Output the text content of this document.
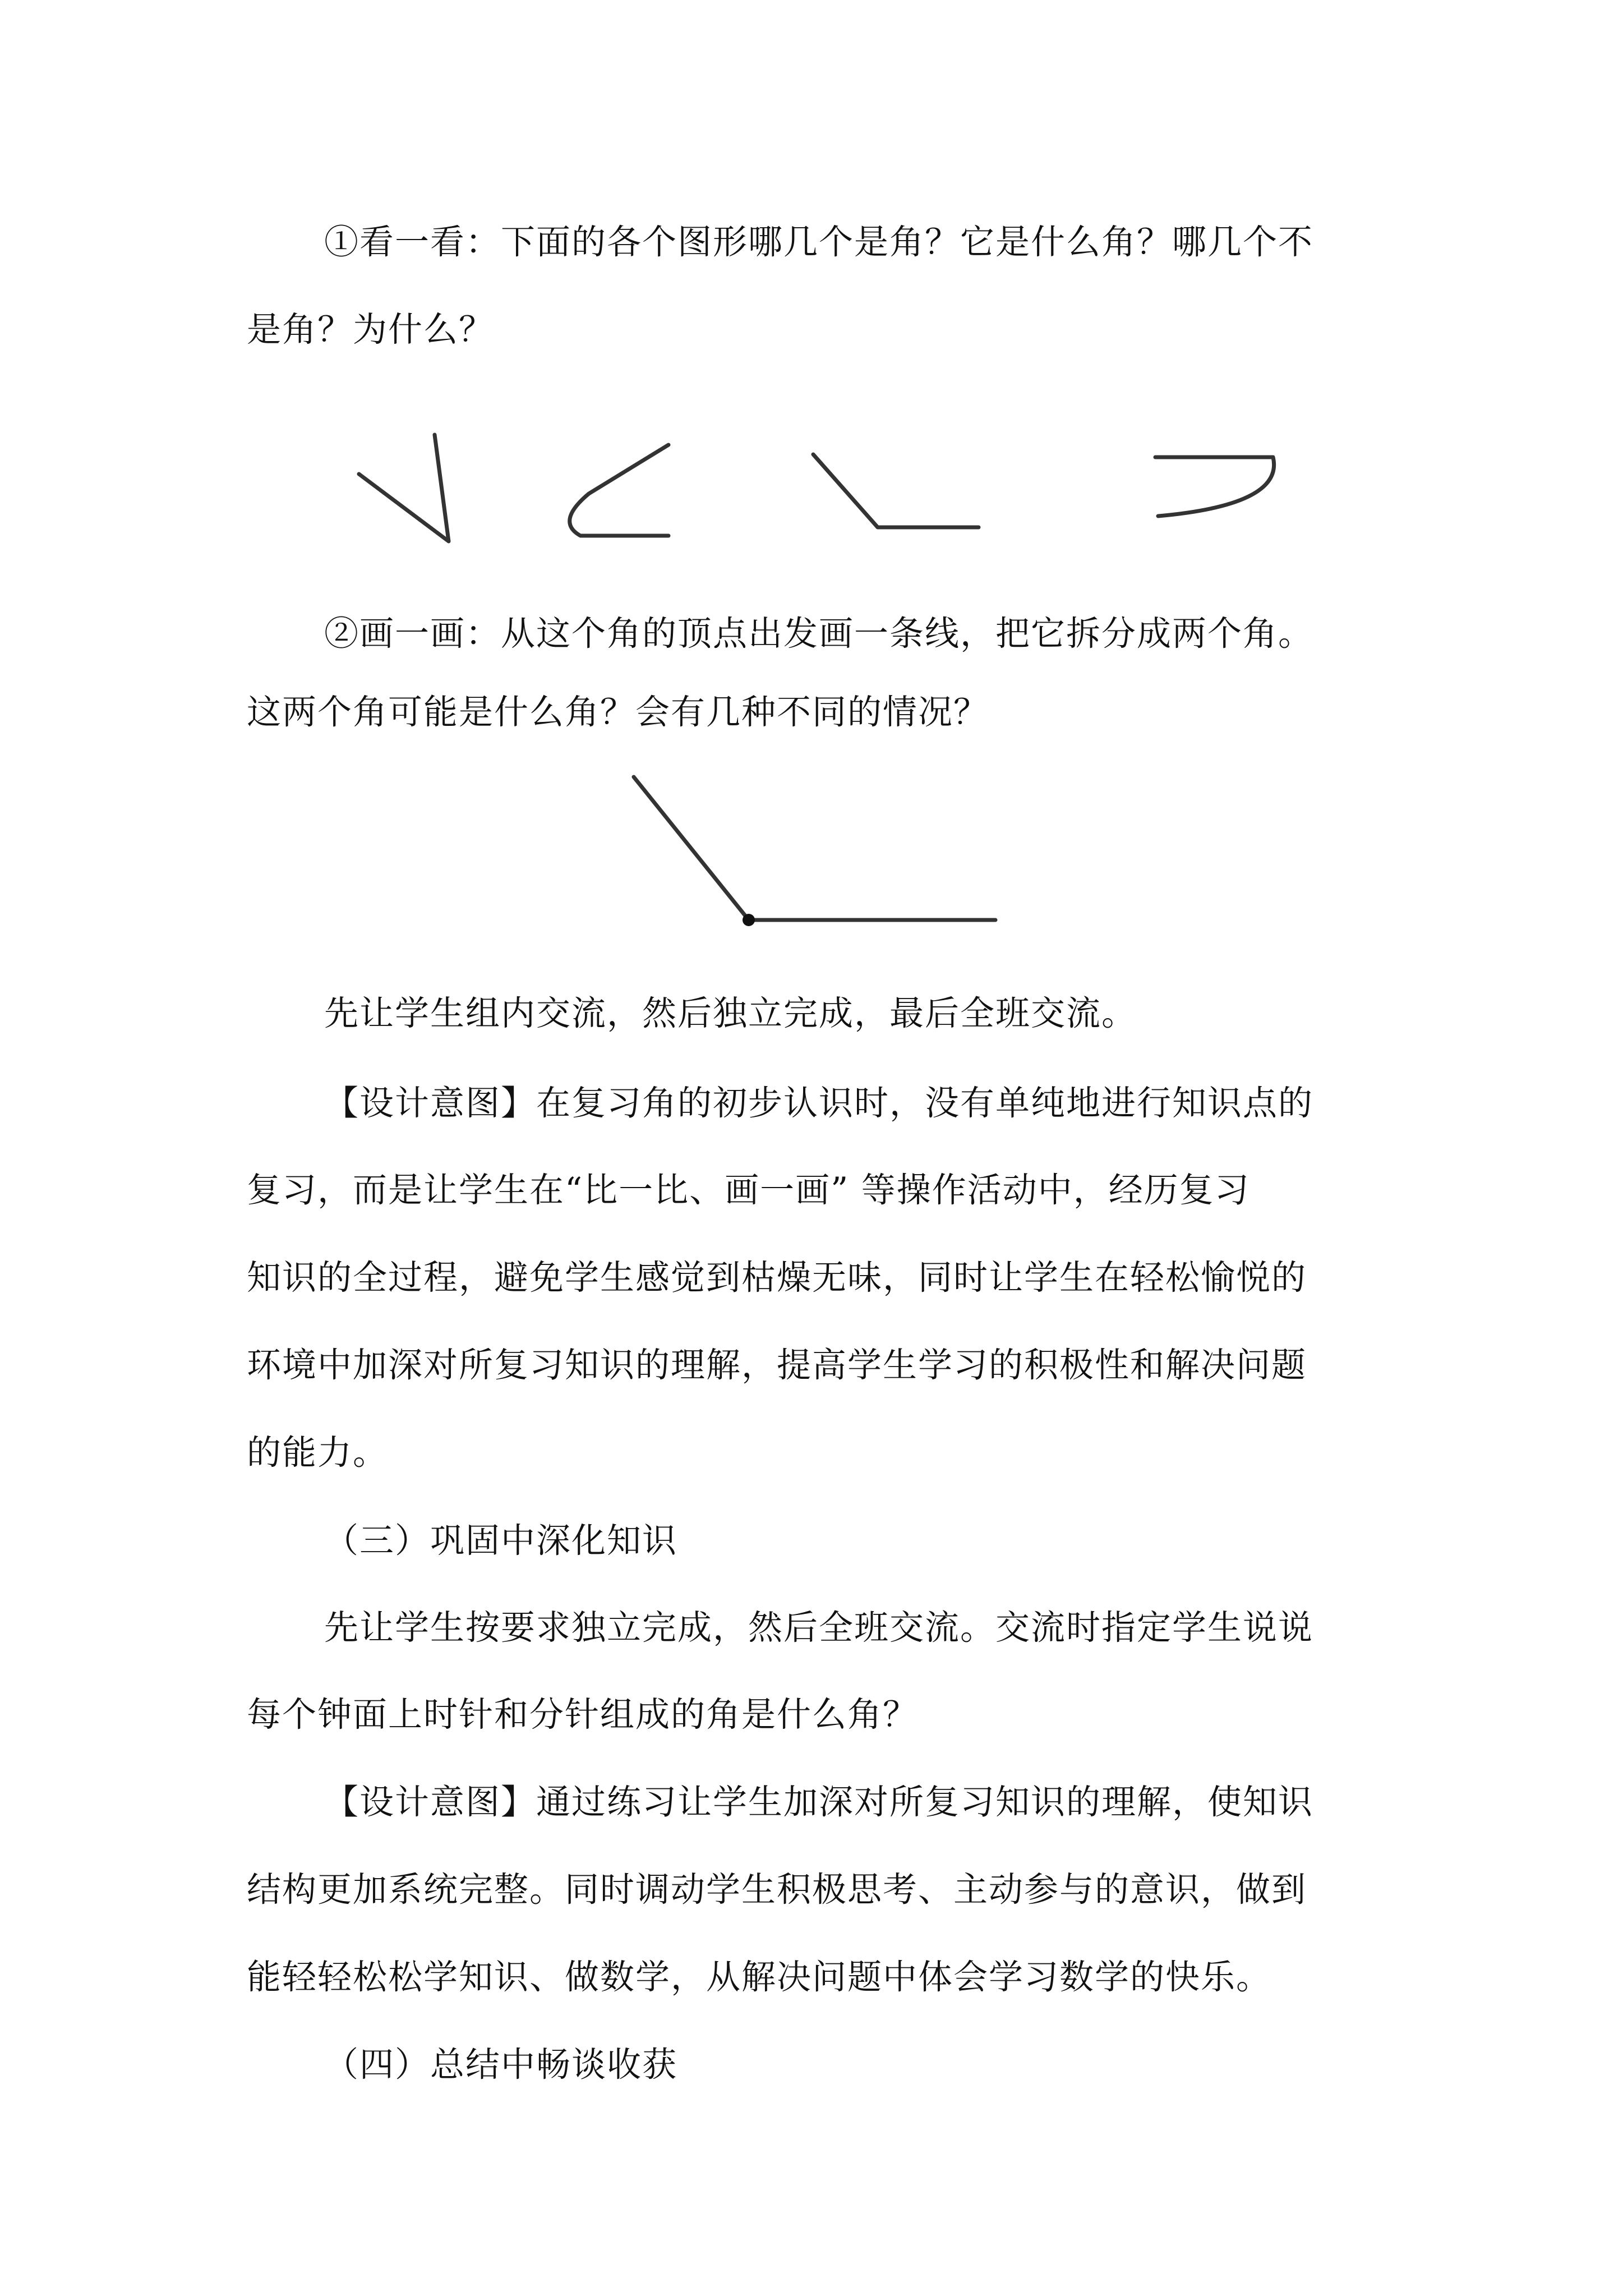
①看一看：下面的各个图形哪几个是角？它是什么角？哪几个不
是角？为什么？
②画一画：从这个角的顶点出发画一条线，把它拆分成两个角。
这两个角可能是什么角？会有几种不同的情况？
先让学生组内交流，然后独立完成，最后全班交流。
【设计意图】在复习角的初步认识时，没有单纯地进行知识点的
复习，而是让学生在“比一比、画一画” 等操作活动中，经历复习
知识的全过程，避免学生感觉到枯燥无味，同时让学生在轻松愉悦的
环境中加深对所复习知识的理解，提高学生学习的积极性和解决问题
的能力。
（三）巩固中深化知识
先让学生按要求独立完成，然后全班交流。交流时指定学生说说
每个钟面上时针和分针组成的角是什么角？
【设计意图】通过练习让学生加深对所复习知识的理解，使知识
结构更加系统完整。同时调动学生积极思考、主动参与的意识，做到
能轻轻松松学知识、做数学，从解决问题中体会学习数学的快乐。
（四）总结中畅谈收获
